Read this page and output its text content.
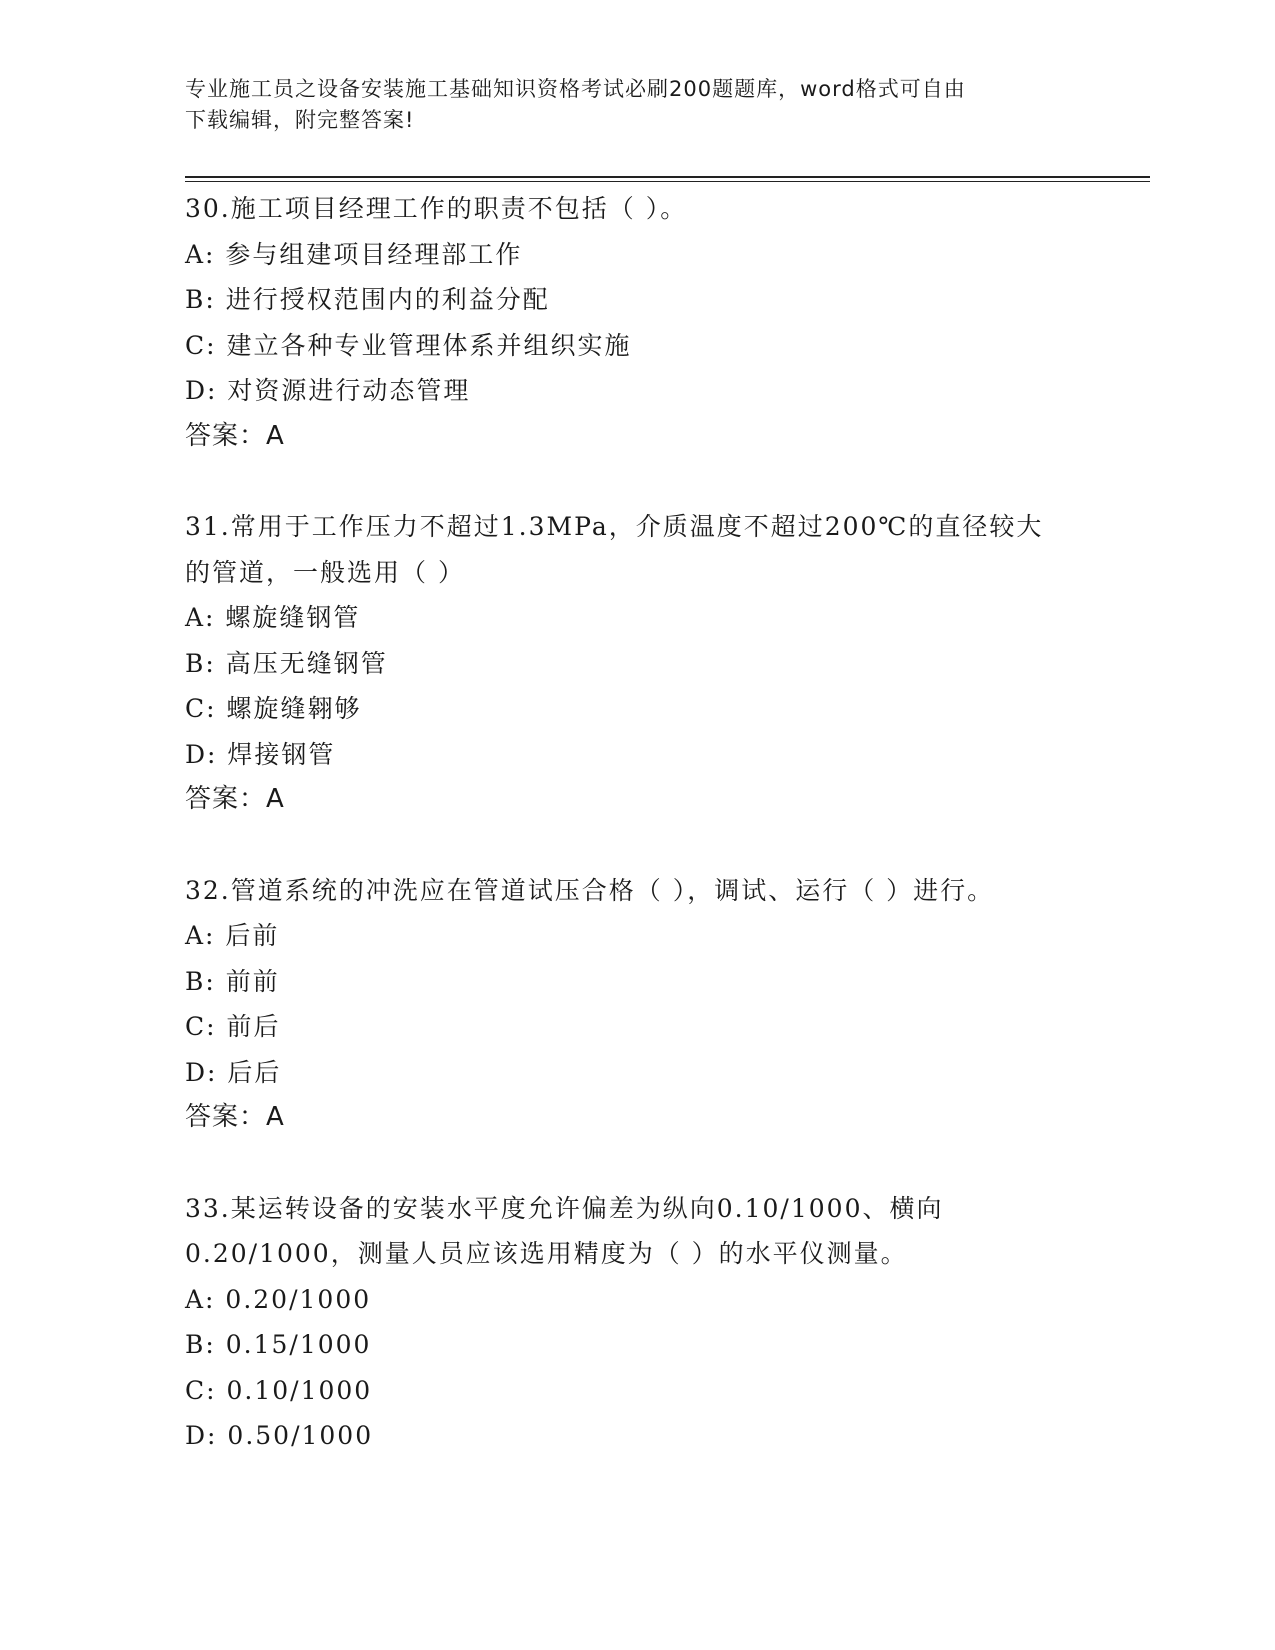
专业施工员之设备安装施工基础知识资格考试必刷200题题库，word格式可自由
下载编辑，附完整答案!
30.施工项目经理工作的职责不包括（ ）。
A: 参与组建项目经理部工作
B: 进行授权范围内的利益分配
C: 建立各种专业管理体系并组织实施
D: 对资源进行动态管理
答案：A
31.常用于工作压力不超过1.3MPa，介质温度不超过200℃的直径较大
的管道，一般选用（ ）
A: 螺旋缝钢管
B: 高压无缝钢管
C: 螺旋缝翱够
D: 焊接钢管
答案：A
32.管道系统的冲洗应在管道试压合格（ ），调试、运行（ ）进行。
A: 后前
B: 前前
C: 前后
D: 后后
答案：A
33.某运转设备的安装水平度允许偏差为纵向0.10/1000、横向
0.20/1000，测量人员应该选用精度为（ ）的水平仪测量。
A: 0.20/1000
B: 0.15/1000
C: 0.10/1000
D: 0.50/1000
